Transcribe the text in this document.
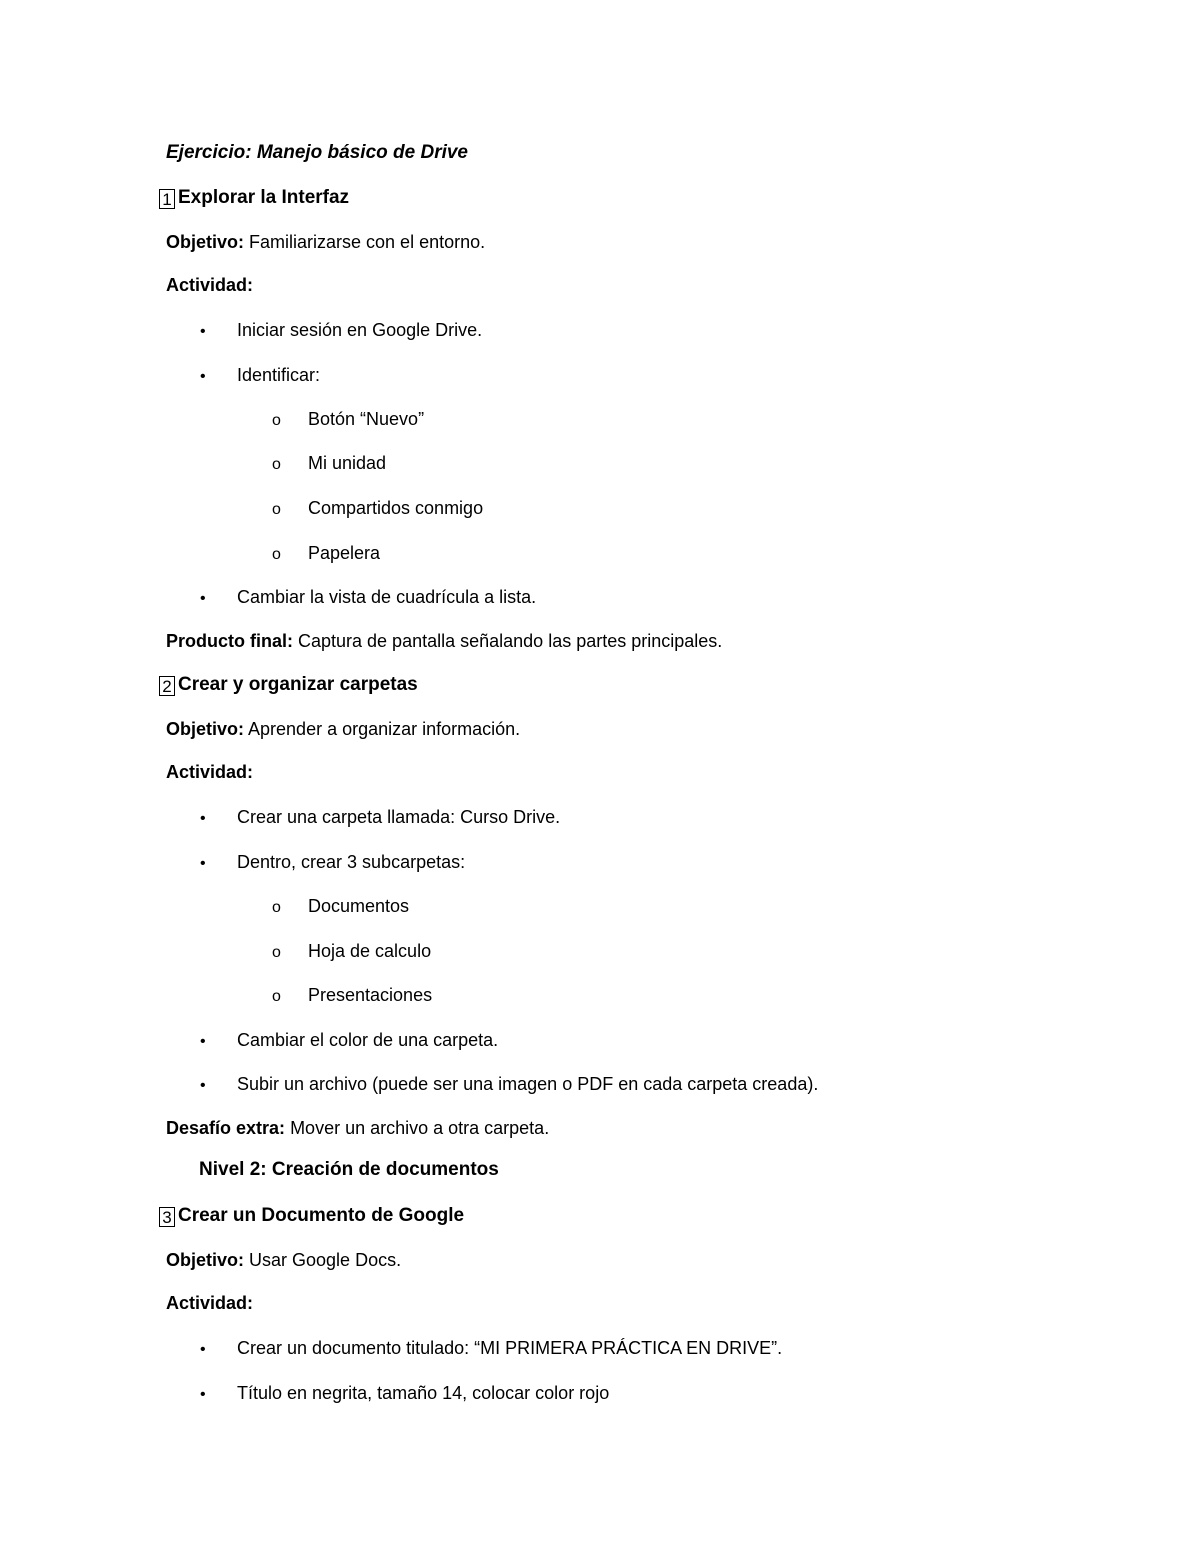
Ejercicio: Manejo básico de Drive
1 Explorar la Interfaz
Objetivo: Familiarizarse con el entorno.
Actividad:
• Iniciar sesión en Google Drive.
• Identificar:
o Botón “Nuevo”
o Mi unidad
o Compartidos conmigo
o Papelera
• Cambiar la vista de cuadrícula a lista.
Producto final: Captura de pantalla señalando las partes principales.
2 Crear y organizar carpetas
Objetivo: Aprender a organizar información.
Actividad:
• Crear una carpeta llamada: Curso Drive.
• Dentro, crear 3 subcarpetas:
o Documentos
o Hoja de calculo
o Presentaciones
• Cambiar el color de una carpeta.
• Subir un archivo (puede ser una imagen o PDF en cada carpeta creada).
Desafío extra: Mover un archivo a otra carpeta.
Nivel 2: Creación de documentos
3 Crear un Documento de Google
Objetivo: Usar Google Docs.
Actividad:
• Crear un documento titulado: “MI PRIMERA PRÁCTICA EN DRIVE”.
• Título en negrita, tamaño 14, colocar color rojo
